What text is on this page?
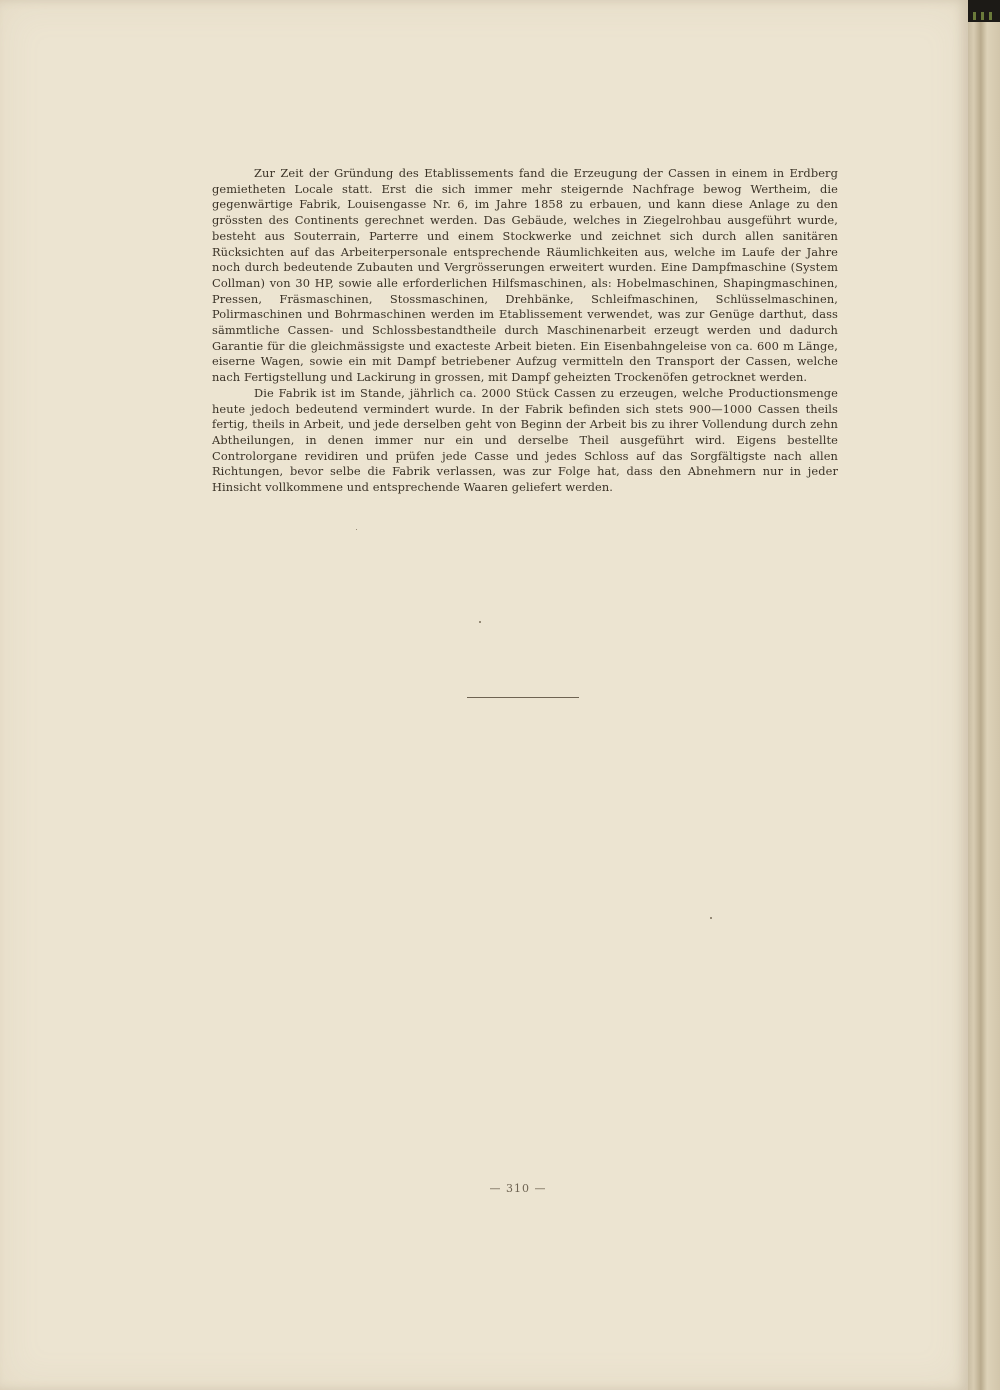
Zur Zeit der Gründung des Etablissements fand die Erzeugung der Cassen in einem in Erdberg gemietheten Locale statt. Erst die sich immer mehr steigernde Nachfrage bewog Wertheim, die gegenwärtige Fabrik, Louisengasse Nr. 6, im Jahre 1858 zu erbauen, und kann diese Anlage zu den grössten des Continents gerechnet werden. Das Gebäude, welches in Ziegelrohbau ausgeführt wurde, besteht aus Souterrain, Parterre und einem Stockwerke und zeichnet sich durch allen sanitären Rücksichten auf das Arbeiterpersonale entsprechende Räumlichkeiten aus, welche im Laufe der Jahre noch durch bedeutende Zubauten und Vergrösserungen erweitert wurden. Eine Dampfmaschine (System Collman) von 30 HP, sowie alle erforderlichen Hilfsmaschinen, als: Hobelmaschinen, Shapingmaschinen, Pressen, Fräsmaschinen, Stossmaschinen, Drehbänke, Schleifmaschinen, Schlüsselmaschinen, Polirmaschinen und Bohrmaschinen werden im Etablissement verwendet, was zur Genüge darthut, dass sämmtliche Cassen- und Schlossbestandtheile durch Maschinenarbeit erzeugt werden und dadurch Garantie für die gleichmässigste und exacteste Arbeit bieten. Ein Eisenbahngeleise von ca. 600 m Länge, eiserne Wagen, sowie ein mit Dampf betriebener Aufzug vermitteln den Transport der Cassen, welche nach Fertigstellung und Lackirung in grossen, mit Dampf geheizten Trockenöfen getrocknet werden.

Die Fabrik ist im Stande, jährlich ca. 2000 Stück Cassen zu erzeugen, welche Productionsmenge heute jedoch bedeutend vermindert wurde. In der Fabrik befinden sich stets 900—1000 Cassen theils fertig, theils in Arbeit, und jede derselben geht von Beginn der Arbeit bis zu ihrer Vollendung durch zehn Abtheilungen, in denen immer nur ein und derselbe Theil ausgeführt wird. Eigens bestellte Controlorgane revidiren und prüfen jede Casse und jedes Schloss auf das Sorgfältigste nach allen Richtungen, bevor selbe die Fabrik verlassen, was zur Folge hat, dass den Abnehmern nur in jeder Hinsicht vollkommene und entsprechende Waaren geliefert werden.

— 310 —
